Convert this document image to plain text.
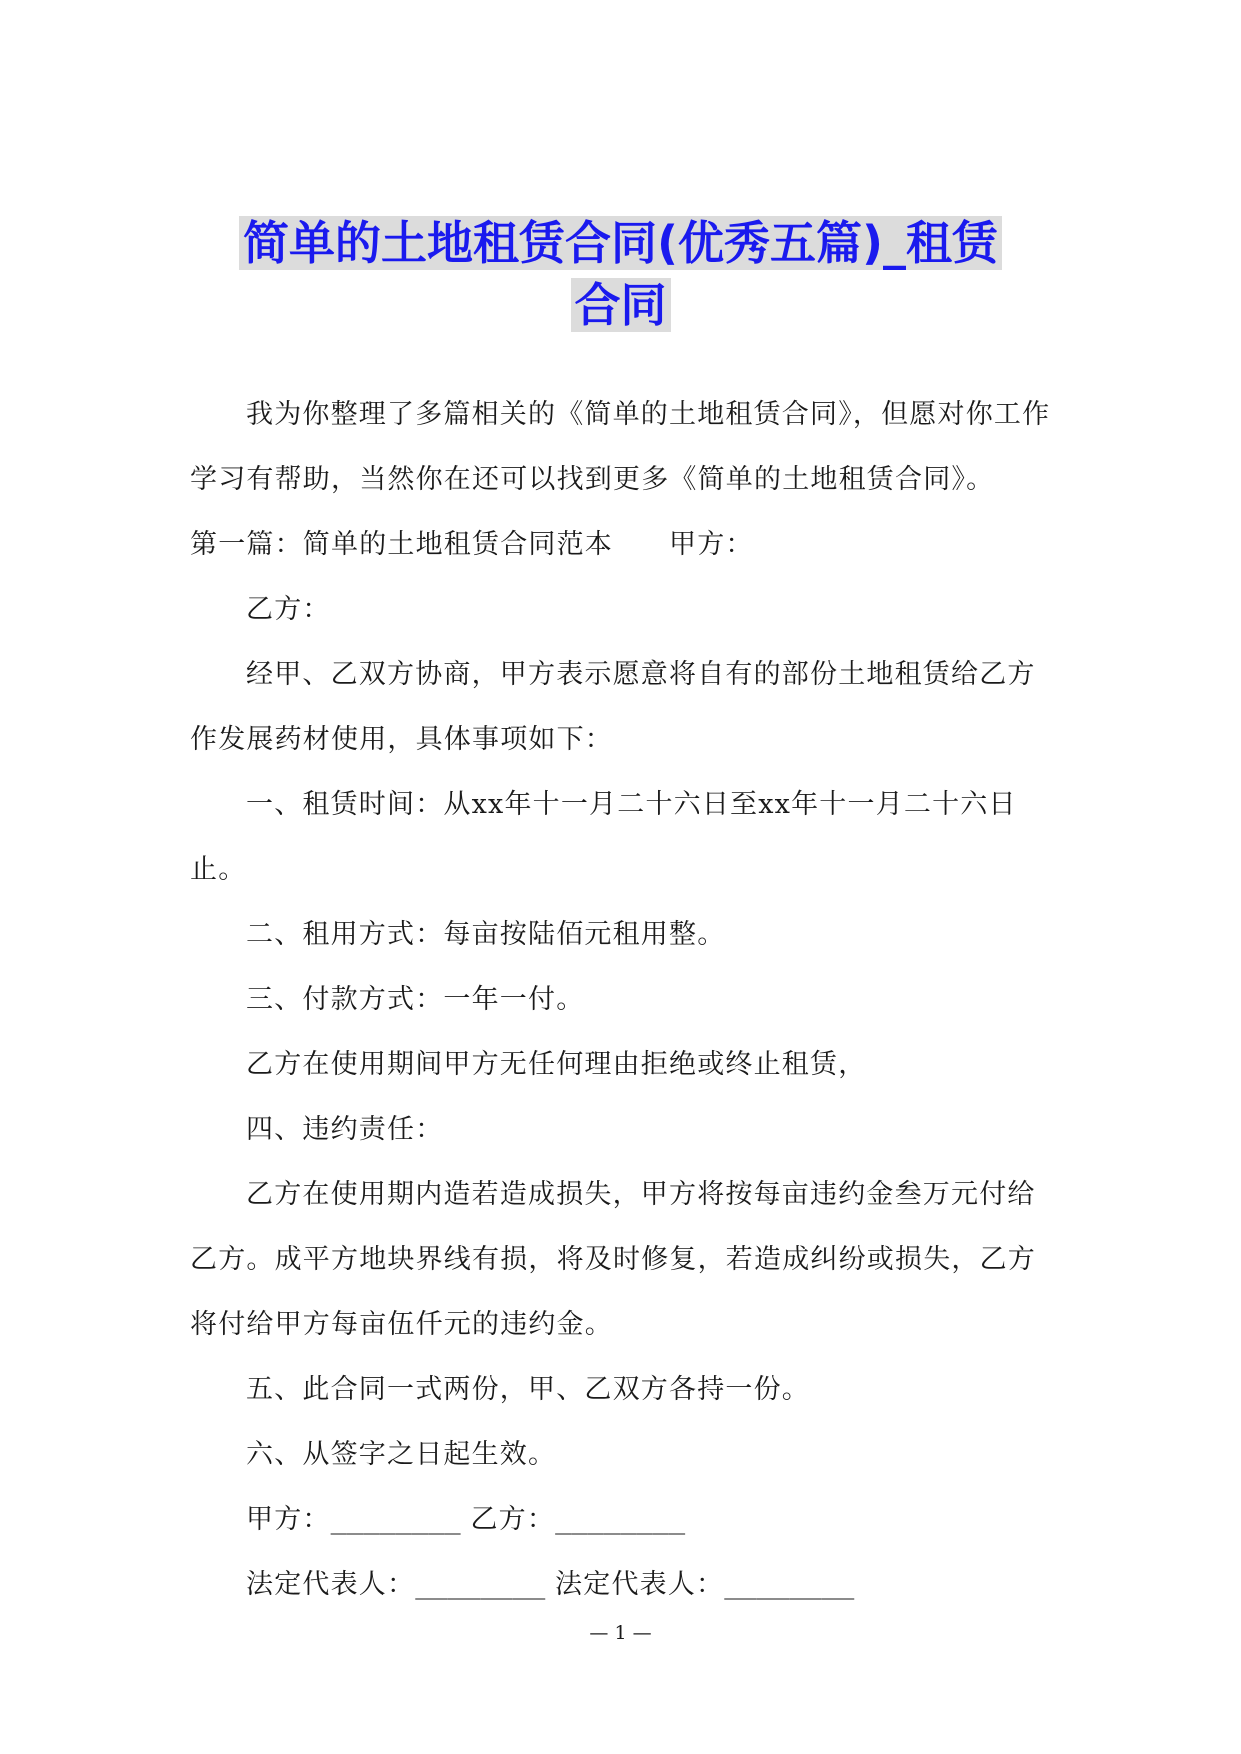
简单的土地租赁合同(优秀五篇)_租赁
合同

我为你整理了多篇相关的《简单的土地租赁合同》，但愿对你工作学习有帮助，当然你在还可以找到更多《简单的土地租赁合同》。

第一篇：简单的土地租赁合同范本 甲方：

乙方：

经甲、乙双方协商，甲方表示愿意将自有的部份土地租赁给乙方作发展药材使用，具体事项如下：

一、租赁时间：从xx年十一月二十六日至xx年十一月二十六日止。

二、租用方式：每亩按陆佰元租用整。

三、付款方式：一年一付。

乙方在使用期间甲方无任何理由拒绝或终止租赁，

四、违约责任：

乙方在使用期内造若造成损失，甲方将按每亩违约金叁万元付给乙方。成平方地块界线有损，将及时修复，若造成纠纷或损失，乙方将付给甲方每亩伍仟元的违约金。

五、此合同一式两份，甲、乙双方各持一份。

六、从签字之日起生效。

甲方：________ 乙方：________

法定代表人：________ 法定代表人：________

— 1 —
